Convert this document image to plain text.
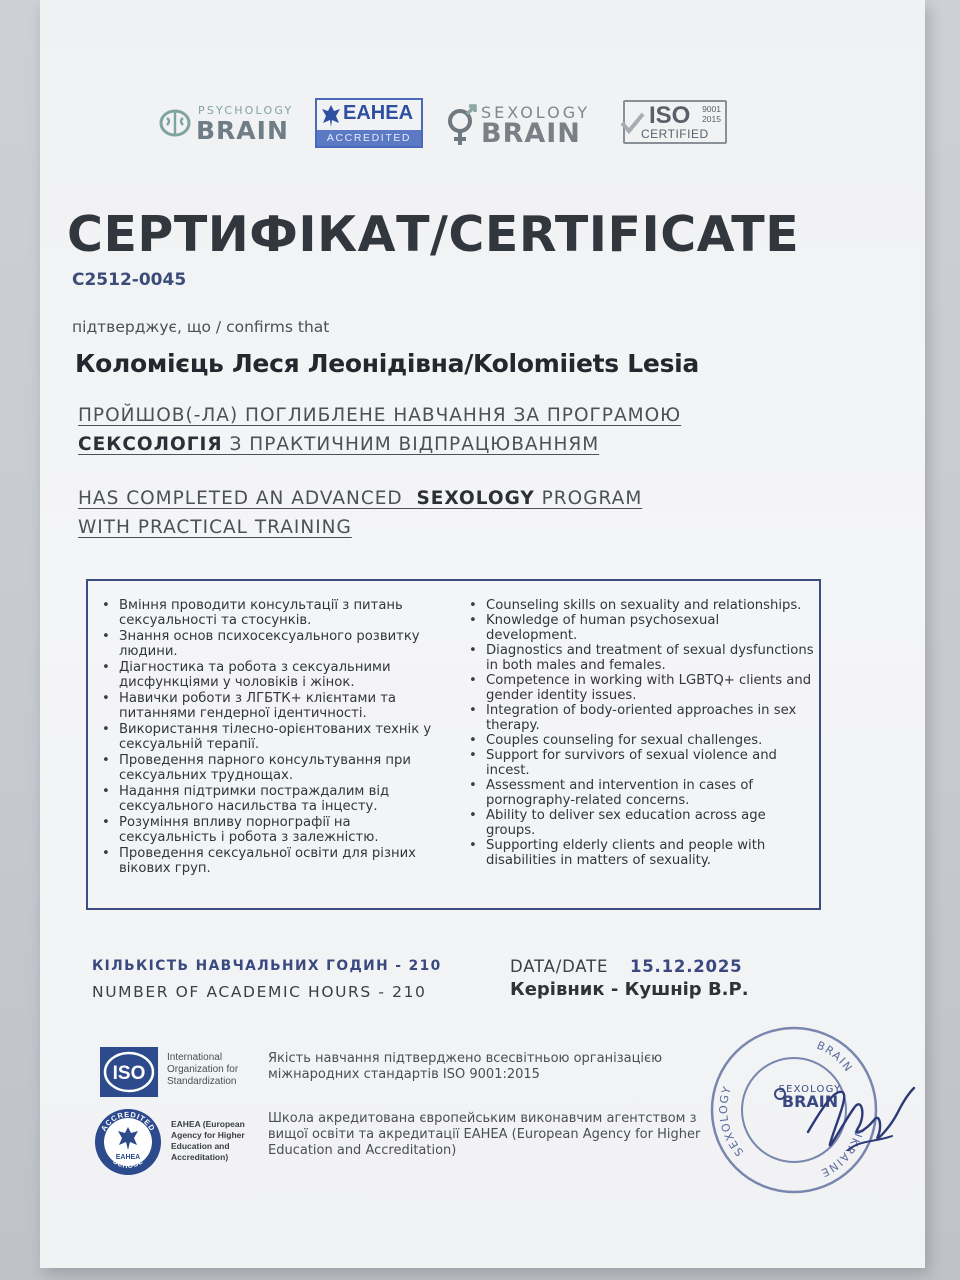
PSYCHOLOGY
BRAIN
EAHEA
ACCREDITED
SEXOLOGY
BRAIN
ISO 9001
2015
CERTIFIED
СЕРТИФІКАТ/CERTIFICATE
C2512-0045
підтверджує, що / confirms that
Коломієць Леся Леонідівна/Kolomiiets Lesia
ПРОЙШОВ(-ЛА) ПОГЛИБЛЕНЕ НАВЧАННЯ ЗА ПРОГРАМОЮ
СЕКСОЛОГІЯ З ПРАКТИЧНИМ ВІДПРАЦЮВАННЯМ
HAS COMPLETED AN ADVANCED  SEXOLOGY PROGRAM
WITH PRACTICAL TRAINING
• Вміння проводити консультації з питань сексуальності та стосунків.
• Знання основ психосексуального розвитку людини.
• Діагностика та робота з сексуальними дисфункціями у чоловіків і жінок.
• Навички роботи з ЛГБТК+ клієнтами та питаннями гендерної ідентичності.
• Використання тілесно-орієнтованих технік у сексуальній терапії.
• Проведення парного консультування при сексуальних труднощах.
• Надання підтримки постраждалим від сексуального насильства та інцесту.
• Розуміння впливу порнографії на сексуальність і робота з залежністю.
• Проведення сексуальної освіти для різних вікових груп.
• Counseling skills on sexuality and relationships.
• Knowledge of human psychosexual development.
• Diagnostics and treatment of sexual dysfunctions in both males and females.
• Competence in working with LGBTQ+ clients and gender identity issues.
• Integration of body-oriented approaches in sex therapy.
• Couples counseling for sexual challenges.
• Support for survivors of sexual violence and incest.
• Assessment and intervention in cases of pornography-related concerns.
• Ability to deliver sex education across age groups.
• Supporting elderly clients and people with disabilities in matters of sexuality.
КІЛЬКІСТЬ НАВЧАЛЬНИХ ГОДИН - 210
NUMBER OF ACADEMIC HOURS - 210
DATA/DATE 15.12.2025
Керівник - Кушнір В.Р.
ISO
International
Organization for
Standardization
Якість навчання підтверджено всесвітньою організацією міжнародних стандартів ISO 9001:2015
ACCREDITED
SCHOOL
EAHEA
EAHEA (European
Agency for Higher
Education and
Accreditation)
Школа акредитована європейським виконавчим агентством з вищої освіти та акредитації EAHEA (European Agency for Higher Education and Accreditation)	SEXOLOGY
BRAIN
UKRAINE
SEXOLOGY
BRAIN
